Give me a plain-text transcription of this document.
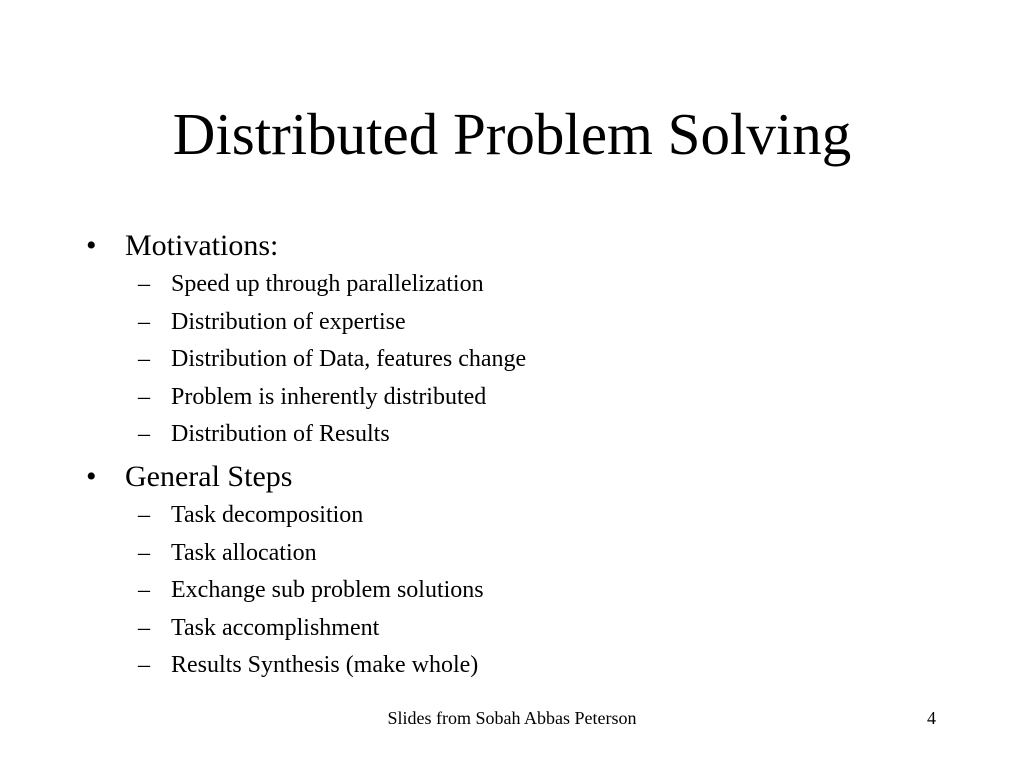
Distributed Problem Solving
• Motivations:
– Speed up through parallelization
– Distribution of expertise
– Distribution of Data, features change
– Problem is inherently distributed
– Distribution of Results
• General Steps
– Task decomposition
– Task allocation
– Exchange sub problem solutions
– Task accomplishment
– Results Synthesis (make whole)
Slides from Sobah Abbas Peterson	4
